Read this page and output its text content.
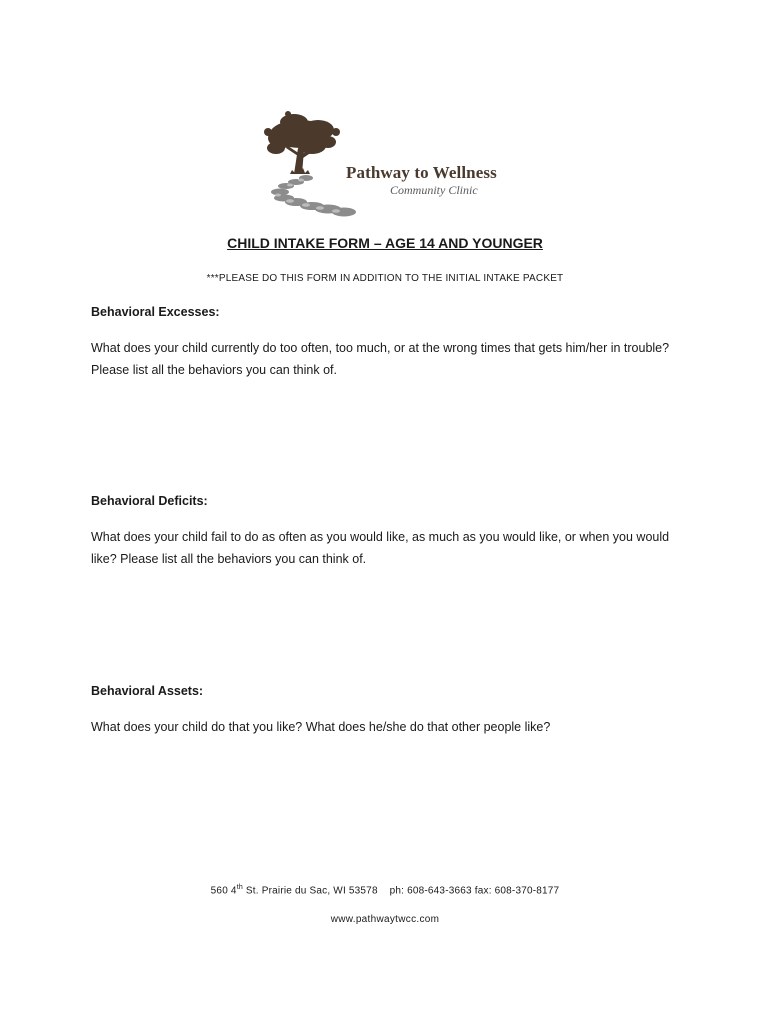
Pathway to Wellness
Community Clinic
CHILD INTAKE FORM – AGE 14 AND YOUNGER
***PLEASE DO THIS FORM IN ADDITION TO THE INITIAL INTAKE PACKET
Behavioral Excesses:
What does your child currently do too often, too much, or at the wrong times that gets him/her in trouble? Please list all the behaviors you can think of.
Behavioral Deficits:
What does your child fail to do as often as you would like, as much as you would like, or when you would like? Please list all the behaviors you can think of.
Behavioral Assets:
What does your child do that you like? What does he/she do that other people like?
560 4th St. Prairie du Sac, WI 53578    ph: 608-643-3663 fax: 608-370-8177
www.pathwaytwcc.com
